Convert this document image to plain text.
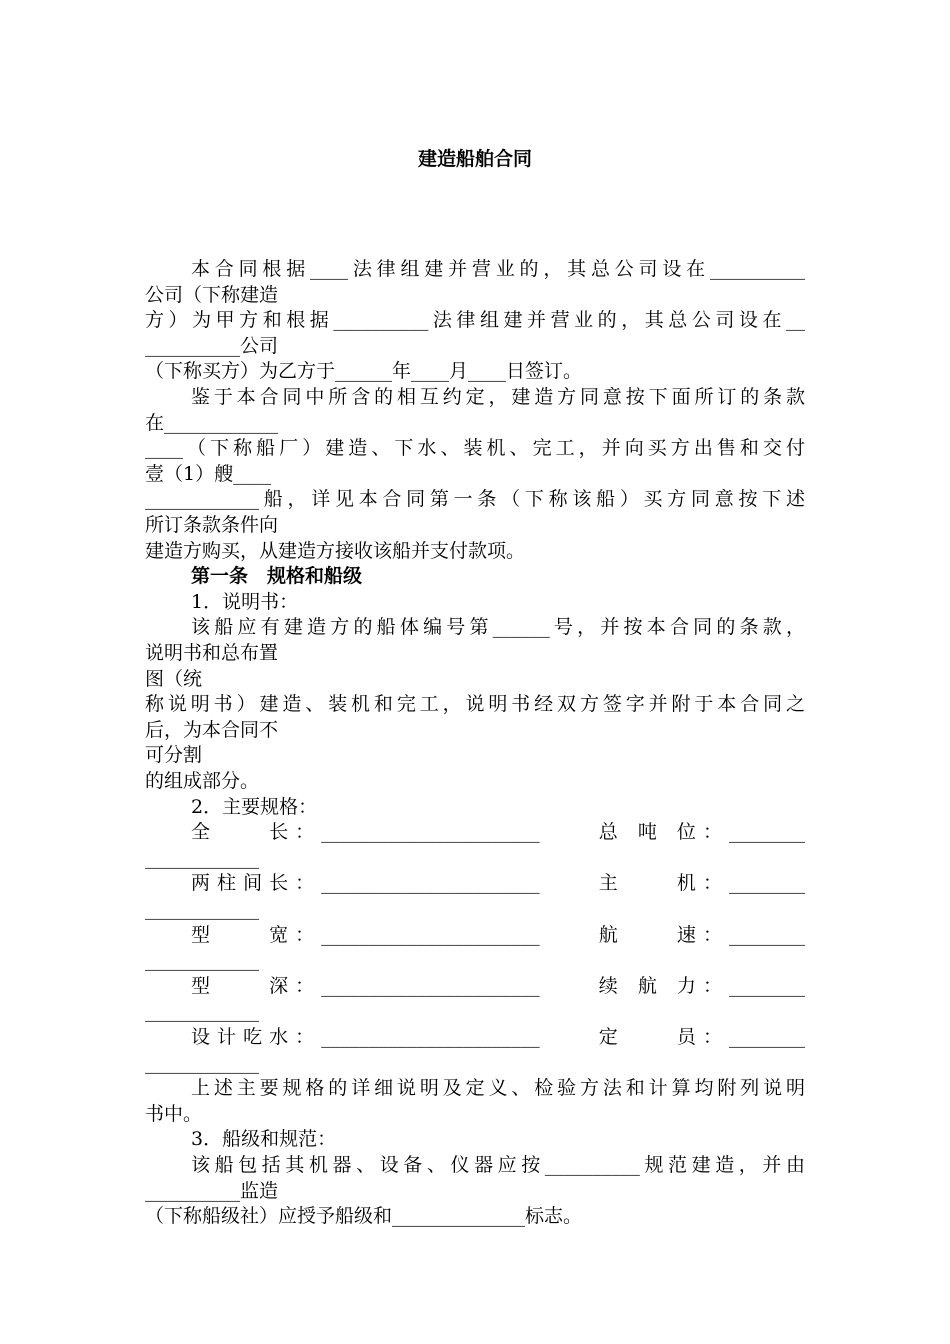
建造船舶合同
本合同根据____法律组建并营业的，其总公司设在__________
公司（下称建造
方）为甲方和根据__________法律组建并营业的，其总公司设在__
__________公司
（下称买方）为乙方于______年____月____日签订。
鉴于本合同中所含的相互约定，建造方同意按下面所订的条款
在____________
____（下称船厂）建造、下水、装机、完工，并向买方出售和交付
壹（1）艘____
____________船，详见本合同第一条（下称该船）买方同意按下述
所订条款条件向
建造方购买，从建造方接收该船并支付款项。
第一条　规格和船级
1．说明书：
该船应有建造方的船体编号第______号，并按本合同的条款，
说明书和总布置
图（统
称说明书）建造、装机和完工，说明书经双方签字并附于本合同之
后，为本合同不
可分割
的组成部分。
2．主要规格：
全　　长：_______________________　　总 吨 位：________
____________
两柱间长：_______________________　　主　　机：________
____________
型　　宽：_______________________　　航　　速：________
____________
型　　深：_______________________　　续 航 力：________
____________
设计吃水：_______________________　　定　　员：________
____________
上述主要规格的详细说明及定义、检验方法和计算均附列说明
书中。
3．船级和规范：
该船包括其机器、设备、仪器应按__________规范建造，并由
__________监造
（下称船级社）应授予船级和______________标志。
